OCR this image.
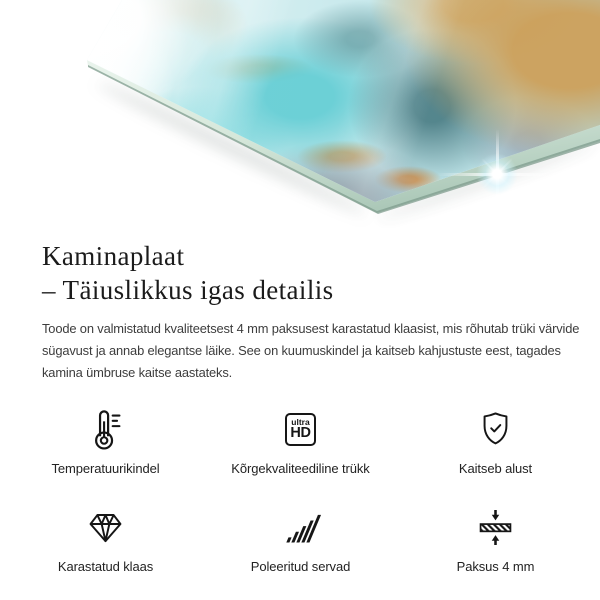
Kaminaplaat
– Täiuslikkus igas detailis
Toode on valmistatud kvaliteetsest 4 mm paksusest karastatud klaasist, mis rõhutab trüki värvide
sügavust ja annab elegantse läike. See on kuumuskindel ja kaitseb kahjustuste eest, tagades
kamina ümbruse kaitse aastateks.
Temperatuurikindel
ultra
HD
Kõrgekvaliteediline trükk	Kaitseb alust
Karastatud klaas	Poleeritud servad	Paksus 4 mm
